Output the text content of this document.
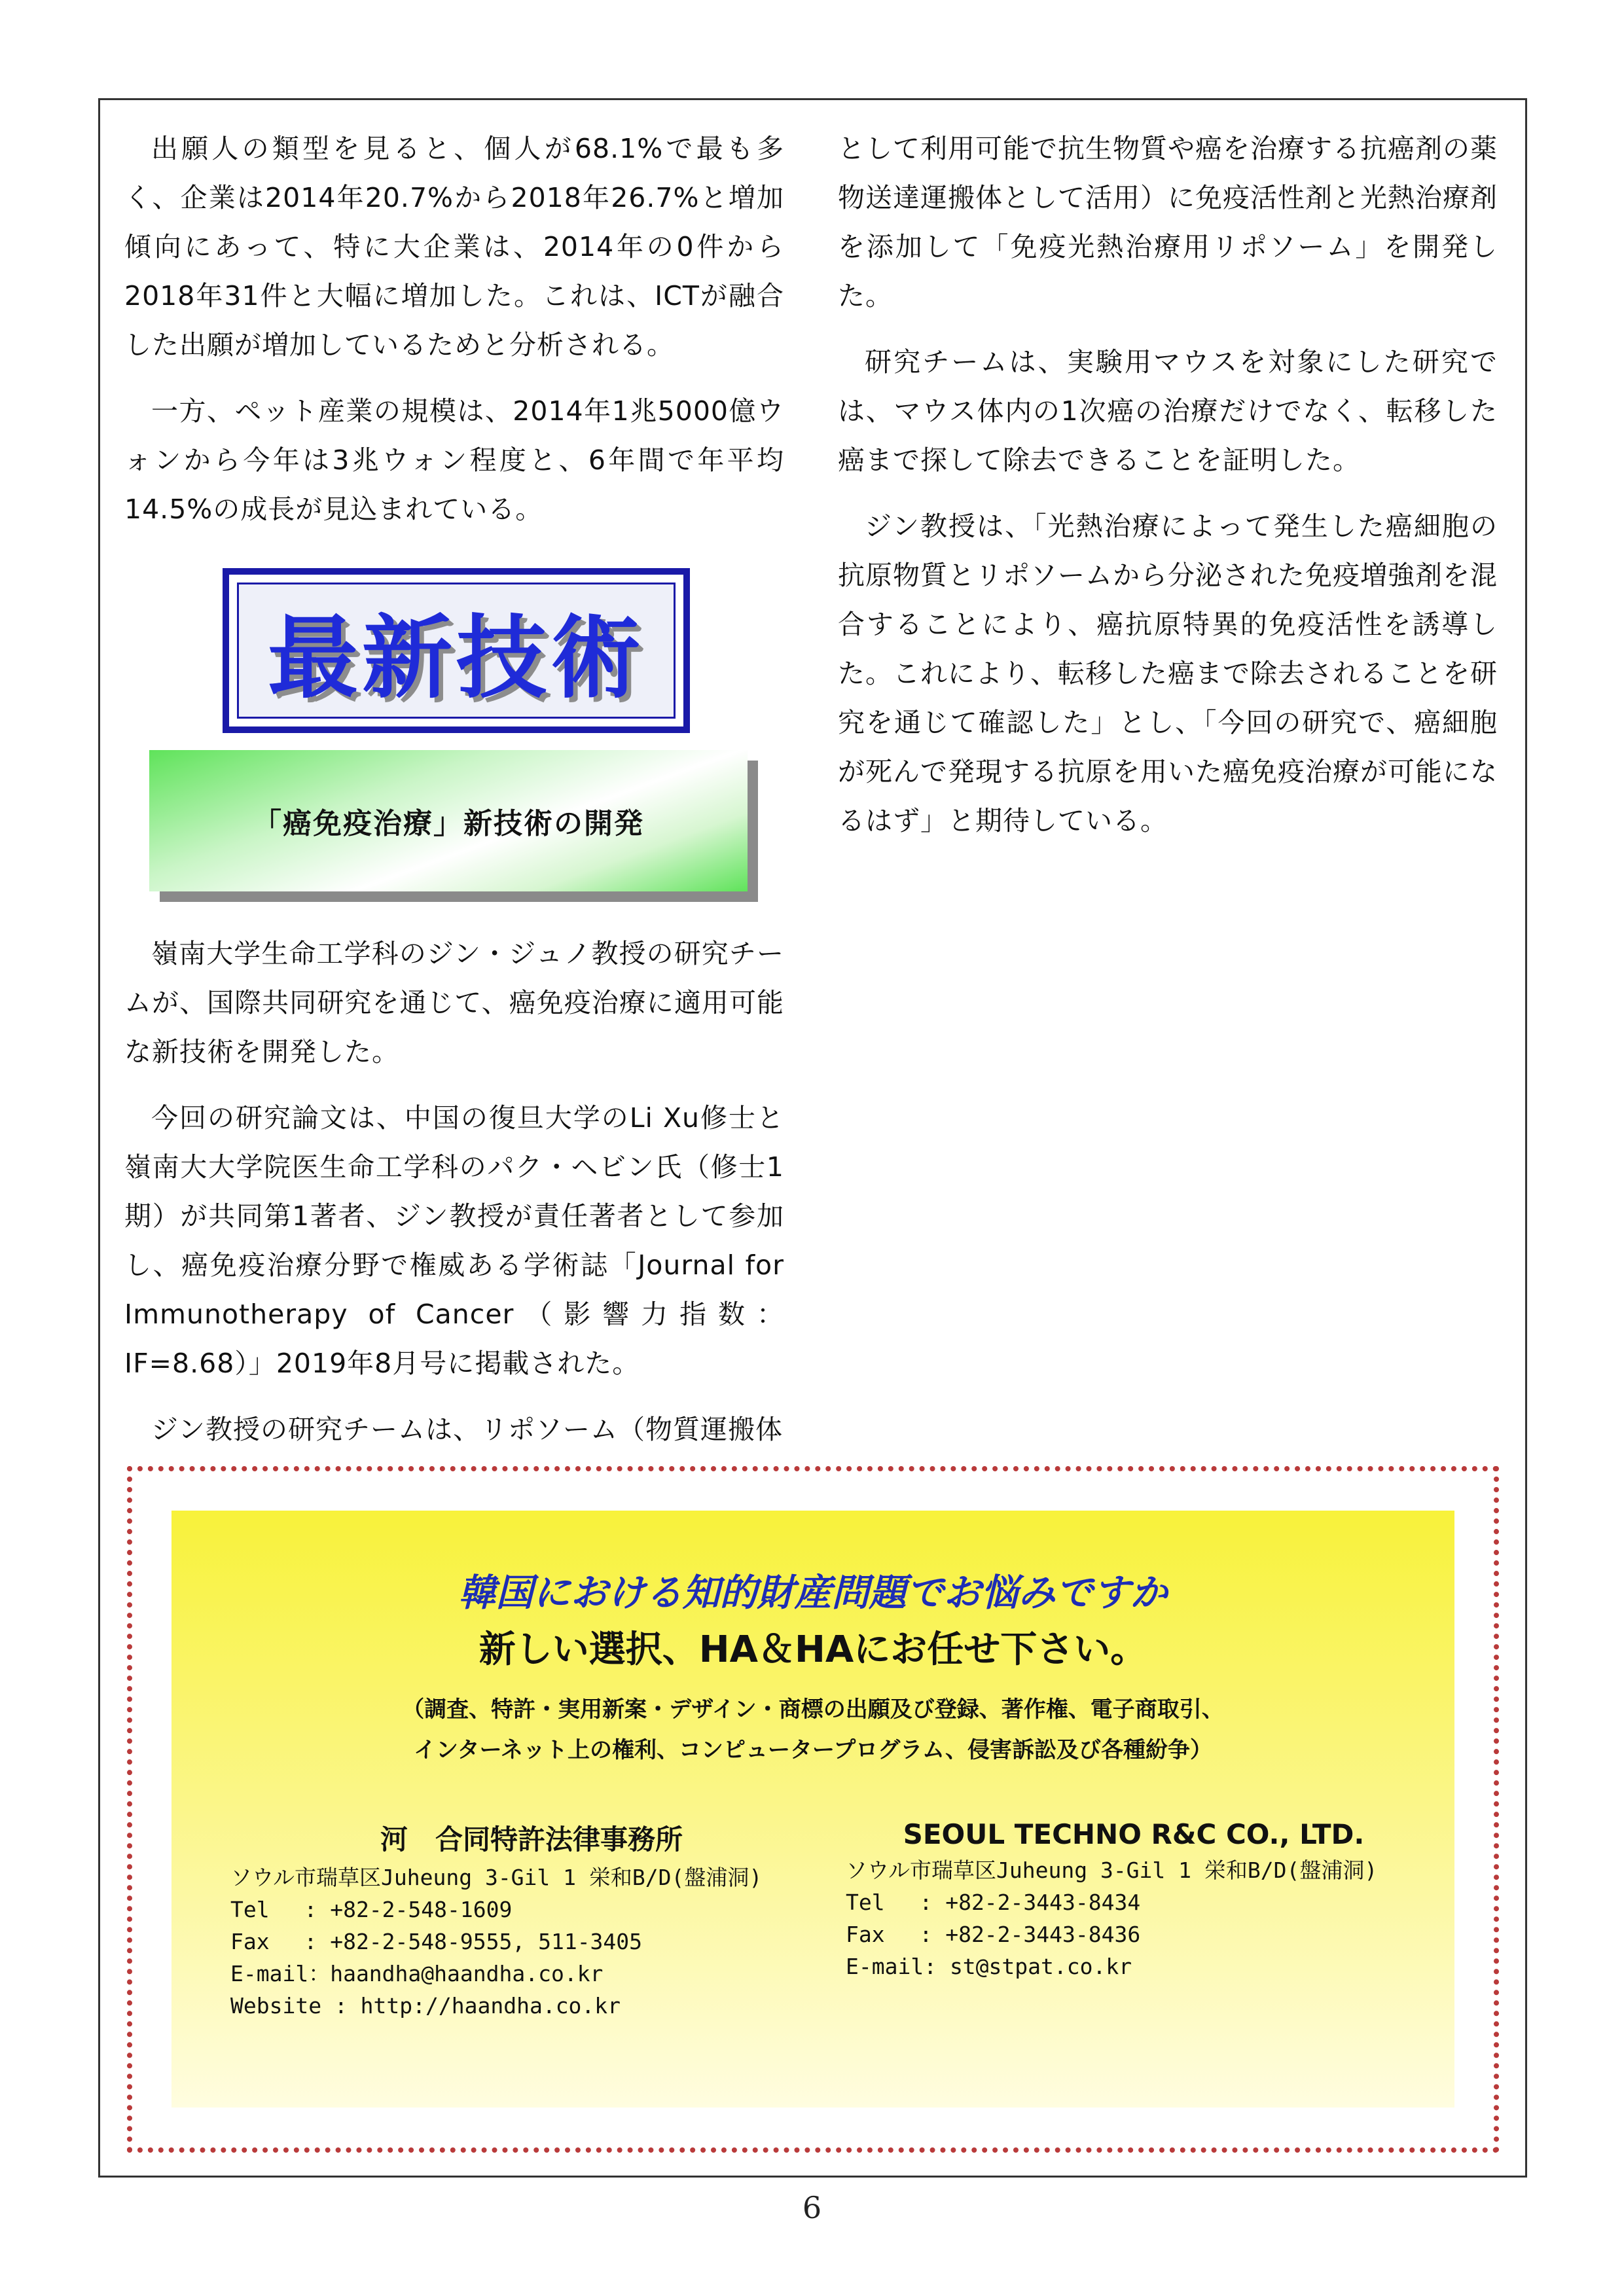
出願人の類型を見ると、個人が68.1%で最も多く、企業は2014年20.7%から2018年26.7%と増加傾向にあって、特に大企業は、2014年の0件から2018年31件と大幅に増加した。これは、ICTが融合した出願が増加しているためと分析される。

一方、ペット産業の規模は、2014年1兆5000億ウォンから今年は3兆ウォン程度と、6年間で年平均14.5%の成長が見込まれている。

最新技術
「癌免疫治療」新技術の開発

嶺南大学生命工学科のジン・ジュノ教授の研究チームが、国際共同研究を通じて、癌免疫治療に適用可能な新技術を開発した。

今回の研究論文は、中国の復旦大学のLi Xu修士と嶺南大大学院医生命工学科のパク・ヘビン氏（修士1期）が共同第1著者、ジン教授が責任著者として参加し、癌免疫治療分野で権威ある学術誌「Journal for Immunotherapy of Cancer（影響力指数：IF=8.68）」2019年8月号に掲載された。

ジン教授の研究チームは、リポソーム（物質運搬体

として利用可能で抗生物質や癌を治療する抗癌剤の薬物送達運搬体として活用）に免疫活性剤と光熱治療剤を添加して「免疫光熱治療用リポソーム」を開発した。

研究チームは、実験用マウスを対象にした研究では、マウス体内の1次癌の治療だけでなく、転移した癌まで探して除去できることを証明した。

ジン教授は、「光熱治療によって発生した癌細胞の抗原物質とリポソームから分泌された免疫増強剤を混合することにより、癌抗原特異的免疫活性を誘導した。これにより、転移した癌まで除去されることを研究を通じて確認した」とし、「今回の研究で、癌細胞が死んで発現する抗原を用いた癌免疫治療が可能になるはず」と期待している。

韓国における知的財産問題でお悩みですか
新しい選択、HA＆HAにお任せ下さい。
（調査、特許・実用新案・デザイン・商標の出願及び登録、著作権、電子商取引、
インターネット上の権利、コンピュータープログラム、侵害訴訟及び各種紛争）
河　合同特許法律事務所
ソウル市瑞草区Juheung 3-Gil 1 栄和B/D(盤浦洞)
Tel　 : +82-2-548-1609
Fax　 : +82-2-548-9555, 511-3405
E-mail：haandha@haandha.co.kr
Website : http://haandha.co.kr
SEOUL TECHNO R&C CO., LTD.
ソウル市瑞草区Juheung 3-Gil 1 栄和B/D(盤浦洞)
Tel　 : +82-2-3443-8434
Fax　 : +82-2-3443-8436
E-mail: st@stpat.co.kr
6
